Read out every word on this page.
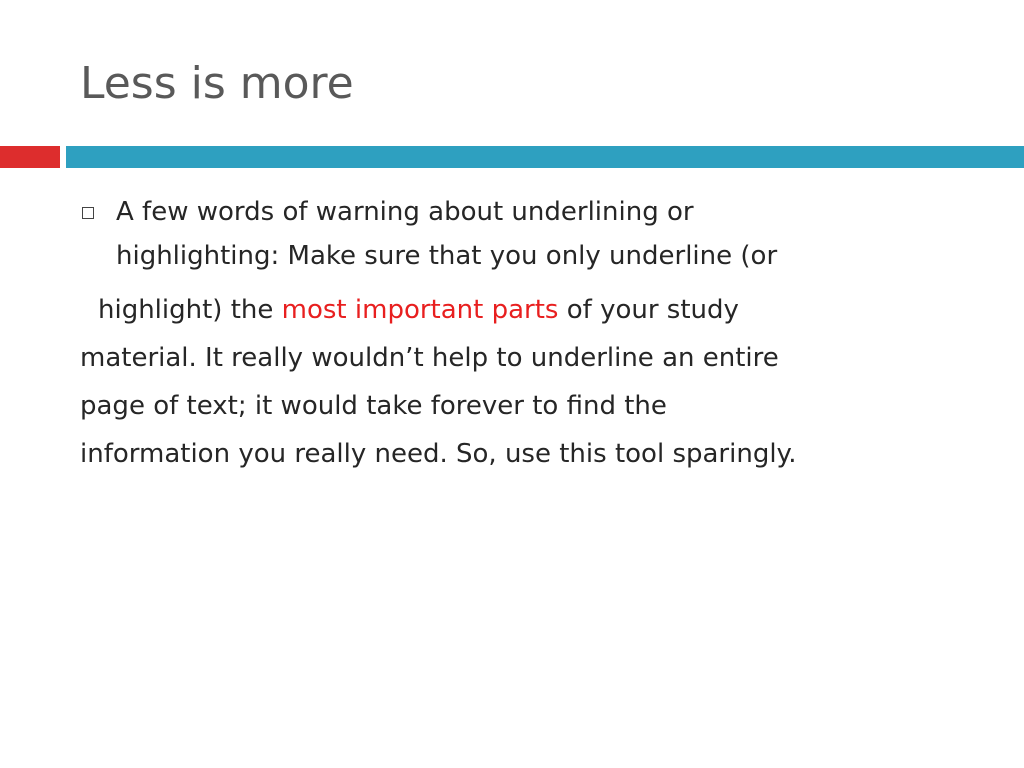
Less is more
A few words of warning about underlining or
highlighting: Make sure that you only underline (or
highlight) the most important parts of your study
material. It really wouldn’t help to underline an entire
page of text; it would take forever to find the
information you really need. So, use this tool sparingly.
